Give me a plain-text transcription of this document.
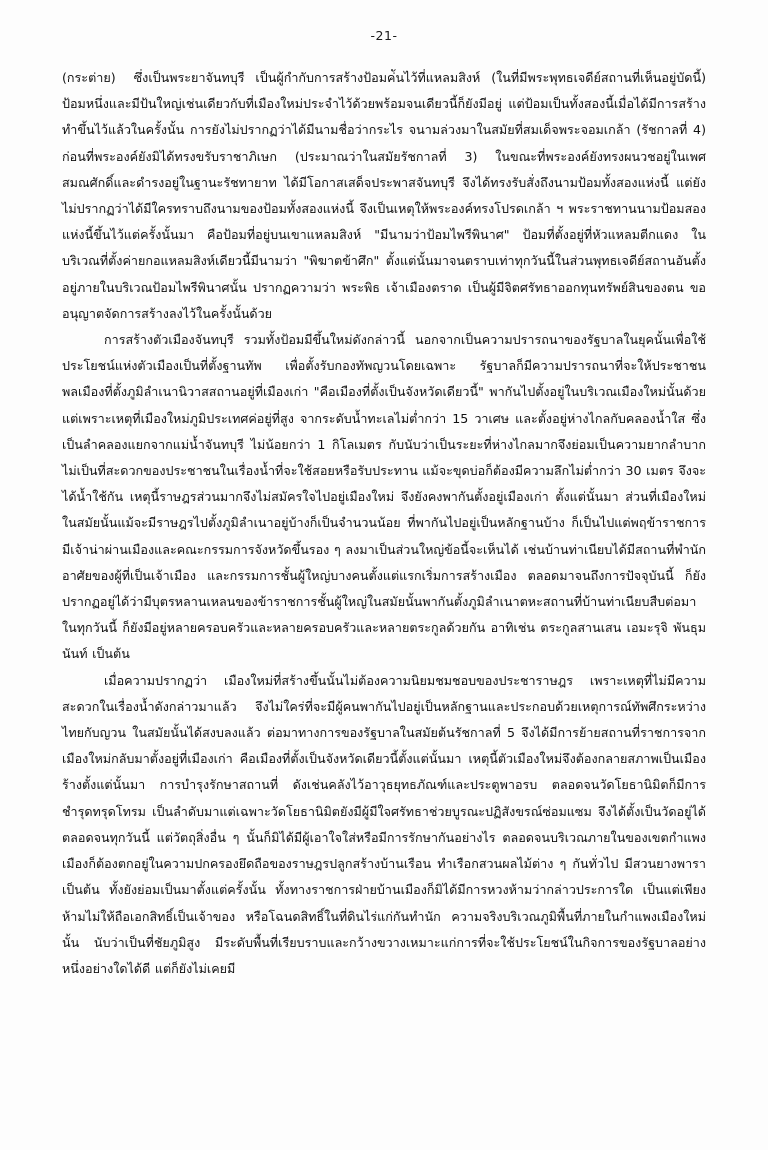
-21-

(กระต่าย) ซึ่งเป็นพระยาจันทบุรี เป็นผู้กำกับการสร้างป้อมค่ันไว้ที่แหลมสิงห์ (ในที่มีพระพุทธเจดีย์สถานที่เห็นอยู่บัดนี้) ป้อมหนึ่งและมีป้นใหญ่เช่นเดียวกับที่เมืองใหม่ประจำไว้ด้วยพร้อมจนเดียวนี้ก็ยังมีอยู่ แต่ป้อมเป็นทั้งสองนี้เมื่อได้มีการสร้างทำขึ้นไว้แล้วในครั้งนั้น การยังไม่ปรากฏว่าได้มีนามชื่อว่ากระไร จนามล่วงมาในสมัยที่สมเด็จพระจอมเกล้า (รัชกาลที่ 4) ก่อนที่พระองค์ยังมิได้ทรงขรับราชาภิเษก (ประมาณว่าในสมัยรัชกาลที่ 3) ในขณะที่พระองค์ยังทรงผนวชอยู่ในเพศสมณศักดิ์และดำรงอยู่ในฐานะรัชทายาท ได้มีโอกาสเสด็จประพาสจันทบุรี จึงได้ทรงรับสั่งถึงนามป้อมทั้งสองแห่งนี้ แต่ยังไม่ปรากฏว่าได้มีใครทราบถึงนามของป้อมทั้งสองแห่งนี้ จึงเป็นเหตุให้พระองค์ทรงโปรดเกล้า ฯ พระราชทานนามป้อมสองแห่งนี้ขึ้นไว้แต่ครั้งนั้นมา คือป้อมที่อยู่บนเขาแหลมสิงห์ "มีนามว่าป้อมไพรีพินาศ" ป้อมที่ตั้งอยู่ที่หัวแหลมตีกแดง ในบริเวณที่ตั้งค่ายกอแหลมสิงห์เดียวนี้มีนามว่า "พิฆาตข้าศึก" ตั้งแต่นั้นมาจนตราบเท่าทุกวันนี้ในส่วนพุทธเจดีย์สถานอันตั้งอยู่ภายในบริเวณป้อมไพรีพินาศนั้น ปรากฏความว่า พระพิธ เจ้าเมืองตราด เป็นผู้มีจิตศรัทธาออกทุนทรัพย์สินของตน ขออนุญาตจัดการสร้างลงไว้ในครั้งนั้นด้วย

การสร้างตัวเมืองจันทบุรี รวมทั้งป้อมมีขึ้นใหม่ดังกล่าวนี้ นอกจากเป็นความปรารถนาของรัฐบาลในยุคนั้นเพื่อใช้ประโยชน์แห่งตัวเมืองเป็นที่ตั้งฐานทัพ เพื่อตั้งรับกองทัพญวนโดยเฉพาะ รัฐบาลก็มีความปรารถนาที่จะให้ประชาชน พลเมืองที่ตั้งภูมิลำเนานิวาสสถานอยู่ที่เมืองเก่า "คือเมืองที่ตั้งเป็นจังหวัดเดียวนี้" พากันไปตั้งอยู่ในบริเวณเมืองใหม่นั้นด้วย แต่เพราะเหตุที่เมืองใหม่ภูมิประเทศค่อยู่ที่สูง จากระดับน้ำทะเลไม่ต่ำกว่า 15 วาเศษ และตั้งอยู่ห่างไกลกับคลองน้ำใส ซึ่งเป็นลำคลองแยกจากแม่น้ำจันทบุรี ไม่น้อยกว่า 1 กิโลเมตร กับนับว่าเป็นระยะที่ห่างไกลมากจึงย่อมเป็นความยากลำบากไม่เป็นที่สะดวกของประชาชนในเรื่องน้ำที่จะใช้สอยหรือรับประทาน แม้จะขุดบ่อก็ต้องมีความลึกไม่ต่ำกว่า 30 เมตร จึงจะได้น้ำใช้กัน เหตุนี้ราษฎรส่วนมากจึงไม่สมัครใจไปอยู่เมืองใหม่ จึงยังคงพากันตั้งอยู่เมืองเก่า ตั้งแต่นั้นมา ส่วนที่เมืองใหม่ในสมัยนั้นแม้จะมีราษฎรไปตั้งภูมิลำเนาอยู่บ้างก็เป็นจำนวนน้อย ที่พากันไปอยู่เป็นหลักฐานบ้าง ก็เป็นไปแต่พฤข้าราชการมีเจ้าน่าผ่านเมืองและคณะกรรมการจังหวัดขึ้นรอง ๆ ลงมาเป็นส่วนใหญ่ข้อนี้จะเห็นได้ เช่นบ้านท่าเนียบได้มีสถานที่พำนักอาศัยของผู้ที่เป็นเจ้าเมือง และกรรมการชั้นผู้ใหญ่บางคนตั้งแต่แรกเริ่มการสร้างเมือง ตลอดมาจนถึงการปัจจุบันนี้ ก็ยังปรากฏอยู่ได้ว่ามีบุตรหลานเหลนของข้าราชการชั้นผู้ใหญ่ในสมัยนั้นพากันตั้งภูมิลำเนาตหะสถานที่บ้านท่าเนียบสืบต่อมาในทุกวันนี้ ก็ยังมีอยู่หลายครอบครัวและหลายครอบครัวและหลายตระกูลด้วยกัน อาทิเช่น ตระกูลสานเสน เอมะรุจิ พันธุมนันท์ เป็นต้น

เมื่อความปรากฏว่า เมืองใหม่ที่สร้างขึ้นนั้นไม่ต้องความนิยมชมชอบของประชาราษฎร เพราะเหตุที่ไม่มีความสะดวกในเรื่องน้ำดังกล่าวมาแล้ว จึงไม่ใคร่ที่จะมีผู้คนพากันไปอยู่เป็นหลักฐานและประกอบด้วยเหตุการณ์ทัพศึกระหว่างไทยกับญวน ในสมัยนั้นได้สงบลงแล้ว ต่อมาทางการของรัฐบาลในสมัยต้นรัชกาลที่ 5 จึงได้มีการย้ายสถานที่ราชการจากเมืองใหม่กลับมาตั้งอยู่ที่เมืองเก่า คือเมืองที่ตั้งเป็นจังหวัดเดียวนี้ตั้งแต่นั้นมา เหตุนี้ตัวเมืองใหม่จึงต้องกลายสภาพเป็นเมืองร้างตั้งแต่นั้นมา การบำรุงรักษาสถานที่ ดังเช่นคลังไว้อาวุธยุทธภัณฑ์และประตูพาอรบ ตลอดจนวัดโยธานิมิตก็มีการชำรุดทรุดโทรม เป็นลำดับมาแต่เฉพาะวัดโยธานิมิตยังมีผู้มีใจศรัทธาช่วยบูรณะปฏิสังขรณ์ซ่อมแซม จึงได้ตั้งเป็นวัดอยู่ได้ตลอดจนทุกวันนี้ แต่วัตถุสิ่งอื่น ๆ นั้นก็มิได้มีผู้เอาใจใส่หรือมีการรักษากันอย่างไร ตลอดจนบริเวณภายในของเขตกำแพงเมืองก็ต้องตกอยู่ในความปกครองยึดถือของราษฎรปลูกสร้างบ้านเรือน ทำเรือกสวนผลไม้ต่าง ๆ กันทั่วไป มีสวนยางพาราเป็นต้น ทั้งยังย่อมเป็นมาตั้งแต่ครั้งนั้น ทั้งทางราชการฝ่ายบ้านเมืองก็มิได้มีการหวงห้ามว่ากล่าวประการใด เป็นแต่เพียงห้ามไม่ให้ถือเอกสิทธิ์เป็นเจ้าของ หรือโฉนดสิทธิ์ในที่ดินไร่แก่กันทำนัก ความจริงบริเวณภูมิพื้นที่ภายในกำแพงเมืองใหม่นั้น นับว่าเป็นที่ชัยภูมิสูง มีระดับพื้นที่เรียบราบและกว้างขวางเหมาะแก่การที่จะใช้ประโยชน์ในกิจการของรัฐบาลอย่างหนึ่งอย่างใดได้ดี แต่ก็ยังไม่เคยมี
